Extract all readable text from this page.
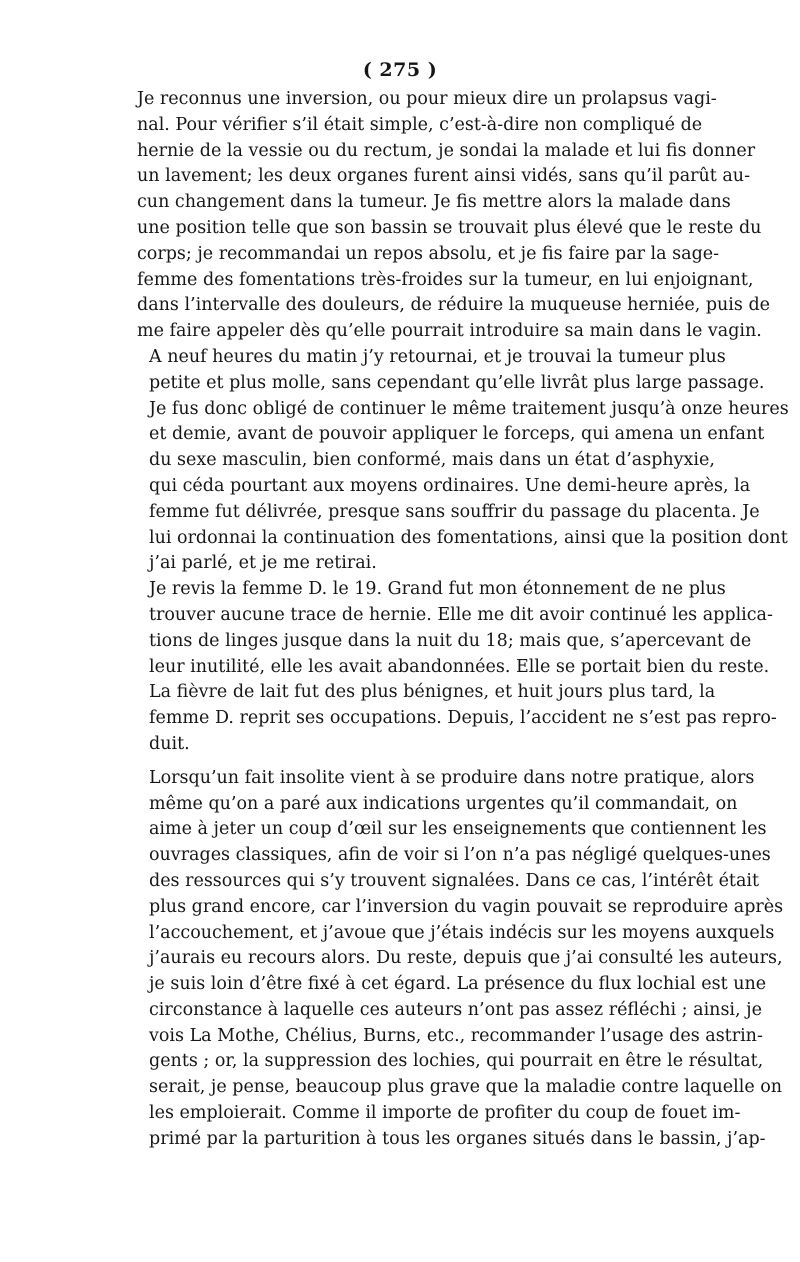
( 275 )

Je reconnus une inversion, ou pour mieux dire un prolapsus vagi-
nal. Pour vérifier s’il était simple, c’est-à-dire non compliqué de
hernie de la vessie ou du rectum, je sondai la malade et lui fis donner
un lavement; les deux organes furent ainsi vidés, sans qu’il parût au-
cun changement dans la tumeur. Je fis mettre alors la malade dans
une position telle que son bassin se trouvait plus élevé que le reste du
corps; je recommandai un repos absolu, et je fis faire par la sage-
femme des fomentations très-froides sur la tumeur, en lui enjoignant,
dans l’intervalle des douleurs, de réduire la muqueuse herniée, puis de
me faire appeler dès qu’elle pourrait introduire sa main dans le vagin.

A neuf heures du matin j’y retournai, et je trouvai la tumeur plus
petite et plus molle, sans cependant qu’elle livrât plus large passage.
Je fus donc obligé de continuer le même traitement jusqu’à onze heures
et demie, avant de pouvoir appliquer le forceps, qui amena un enfant
du sexe masculin, bien conformé, mais dans un état d’asphyxie,
qui céda pourtant aux moyens ordinaires. Une demi-heure après, la
femme fut délivrée, presque sans souffrir du passage du placenta. Je
lui ordonnai la continuation des fomentations, ainsi que la position dont
j’ai parlé, et je me retirai.

Je revis la femme D. le 19. Grand fut mon étonnement de ne plus
trouver aucune trace de hernie. Elle me dit avoir continué les applica-
tions de linges jusque dans la nuit du 18; mais que, s’apercevant de
leur inutilité, elle les avait abandonnées. Elle se portait bien du reste.
La fièvre de lait fut des plus bénignes, et huit jours plus tard, la
femme D. reprit ses occupations. Depuis, l’accident ne s’est pas repro-
duit.

Lorsqu’un fait insolite vient à se produire dans notre pratique, alors
même qu’on a paré aux indications urgentes qu’il commandait, on
aime à jeter un coup d’œil sur les enseignements que contiennent les
ouvrages classiques, afin de voir si l’on n’a pas négligé quelques-unes
des ressources qui s’y trouvent signalées. Dans ce cas, l’intérêt était
plus grand encore, car l’inversion du vagin pouvait se reproduire après
l’accouchement, et j’avoue que j’étais indécis sur les moyens auxquels
j’aurais eu recours alors. Du reste, depuis que j’ai consulté les auteurs,
je suis loin d’être fixé à cet égard. La présence du flux lochial est une
circonstance à laquelle ces auteurs n’ont pas assez réfléchi ; ainsi, je
vois La Mothe, Chélius, Burns, etc., recommander l’usage des astrin-
gents ; or, la suppression des lochies, qui pourrait en être le résultat,
serait, je pense, beaucoup plus grave que la maladie contre laquelle on
les emploierait. Comme il importe de profiter du coup de fouet im-
primé par la parturition à tous les organes situés dans le bassin, j’ap-
